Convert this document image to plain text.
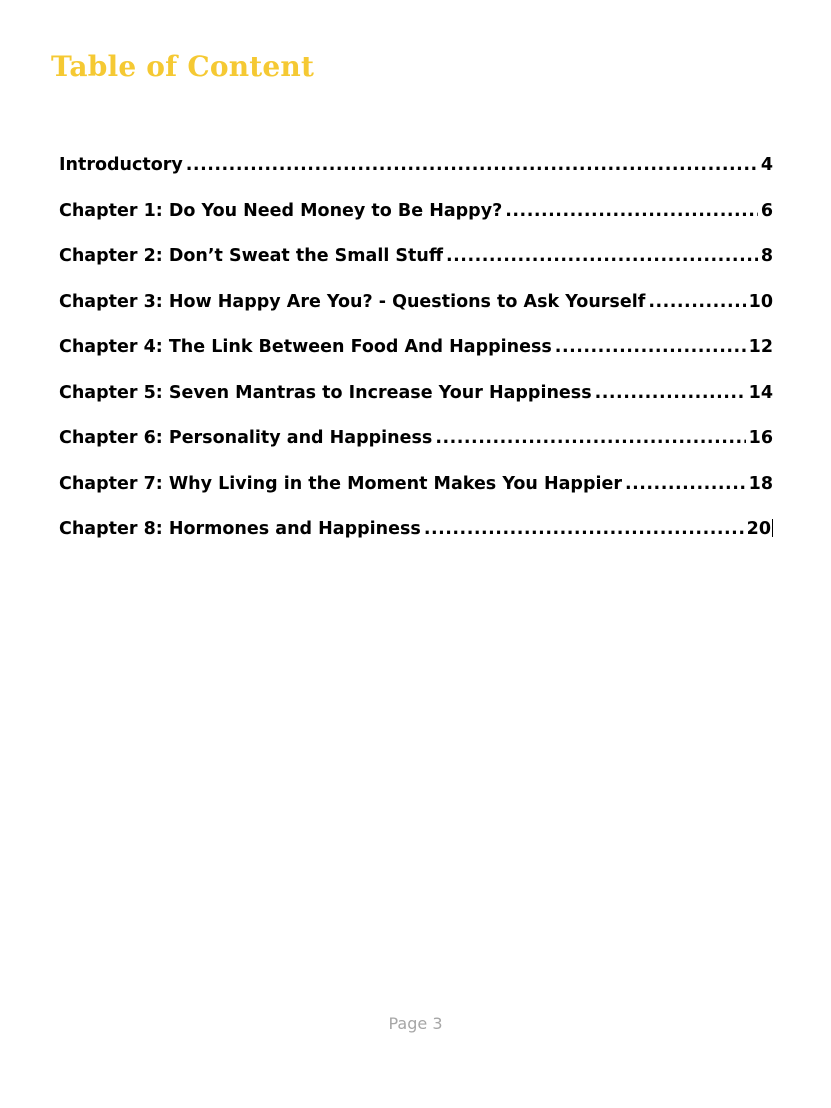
Table of Content
Introductory .....	4
Chapter 1: Do You Need Money to Be Happy? .....	6
Chapter 2: Don’t Sweat the Small Stuff .....	8
Chapter 3: How Happy Are You? - Questions to Ask Yourself .....	10
Chapter 4: The Link Between Food And Happiness .....	12
Chapter 5: Seven Mantras to Increase Your Happiness .....	14
Chapter 6: Personality and Happiness .....	16
Chapter 7: Why Living in the Moment Makes You Happier .....	18
Chapter 8: Hormones and Happiness .....	20
Page 3
